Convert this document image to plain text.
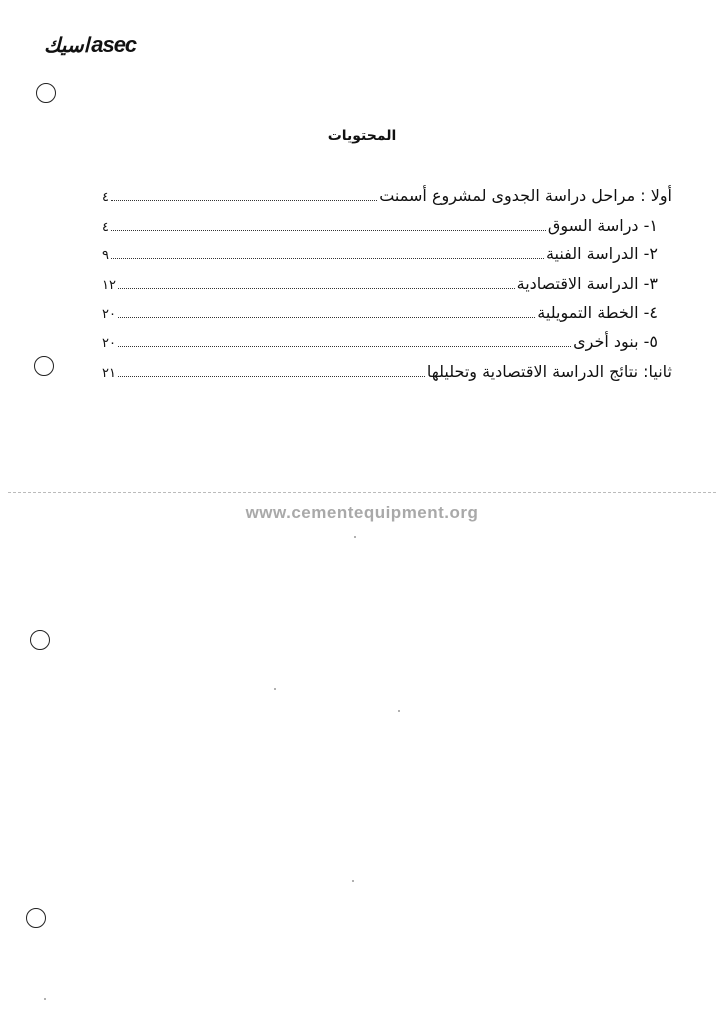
اسيك asec
المحتويات
أولا : مراحل دراسة الجدوى لمشروع أسمنت
٤
١- دراسة السوق
٤
٢- الدراسة الفنية
٩
٣- الدراسة الاقتصادية
١٢
٤- الخطة التمويلية
٢٠
٥- بنود أخرى
٢٠
ثانيا: نتائج الدراسة الاقتصادية وتحليلها
٢١
www.cementequipment.org
